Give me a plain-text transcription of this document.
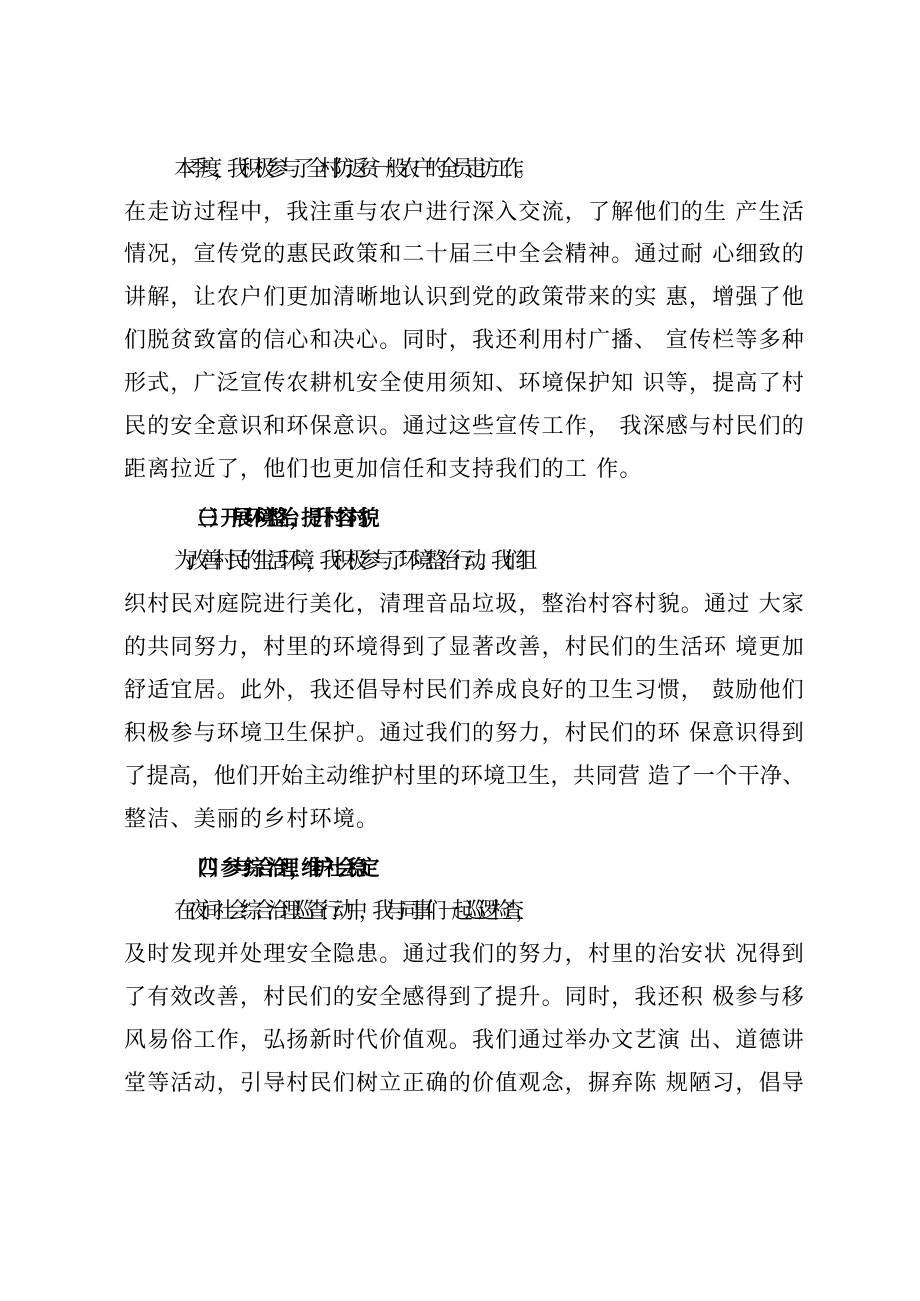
本季度，我积极参与了全村防返贫一般农户的全员走访工 作。
在走访过程中，我注重与农户进行深入交流，了解他们的生 产生活
情况，宣传党的惠民政策和二十届三中全会精神。通过耐 心细致的
讲解，让农户们更加清晰地认识到党的政策带来的实 惠，增强了他
们脱贫致富的信心和决心。同时，我还利用村广播、 宣传栏等多种
形式，广泛宣传农耕机安全使用须知、环境保护知 识等，提高了村
民的安全意识和环保意识。通过这些宣传工作， 我深感与村民们的
距离拉近了，他们也更加信任和支持我们的工 作。
（三）开展环境整治，提升村容村貌
为改善村民的生活环境，我积极参与了环境整治行动。我们 组
织村民对庭院进行美化，清理音品垃圾，整治村容村貌。通过 大家
的共同努力，村里的环境得到了显著改善，村民们的生活环 境更加
舒适宜居。此外，我还倡导村民们养成良好的卫生习惯， 鼓励他们
积极参与环境卫生保护。通过我们的努力，村民们的环 保意识得到
了提高，他们开始主动维护村里的环境卫生，共同营 造了一个干净、
整洁、美丽的乡村环境。
（四）参与综合治理，维护社会稳定
在夜间社会综合治理巡查行动中，我与同事们一起巡逻检 查，
及时发现并处理安全隐患。通过我们的努力，村里的治安状 况得到
了有效改善，村民们的安全感得到了提升。同时，我还积 极参与移
风易俗工作，弘扬新时代价值观。我们通过举办文艺演 出、道德讲
堂等活动，引导村民们树立正确的价值观念，摒弃陈 规陋习，倡导
